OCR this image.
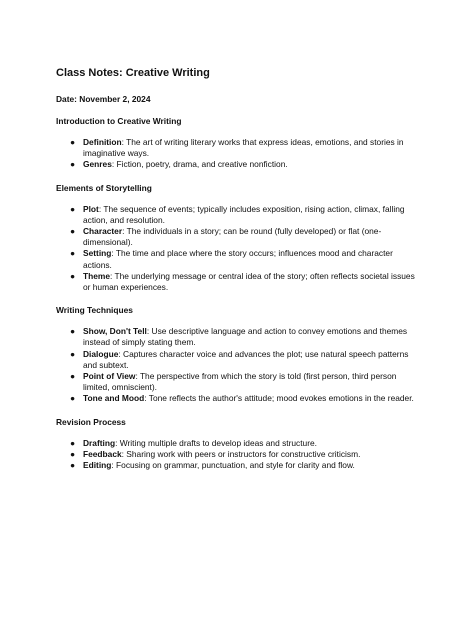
Class Notes: Creative Writing
Date: November 2, 2024
Introduction to Creative Writing
● Definition: The art of writing literary works that express ideas, emotions, and stories in imaginative ways.
● Genres: Fiction, poetry, drama, and creative nonfiction.
Elements of Storytelling
● Plot: The sequence of events; typically includes exposition, rising action, climax, falling action, and resolution.
● Character: The individuals in a story; can be round (fully developed) or flat (one-dimensional).
● Setting: The time and place where the story occurs; influences mood and character actions.
● Theme: The underlying message or central idea of the story; often reflects societal issues or human experiences.
Writing Techniques
● Show, Don't Tell: Use descriptive language and action to convey emotions and themes instead of simply stating them.
● Dialogue: Captures character voice and advances the plot; use natural speech patterns and subtext.
● Point of View: The perspective from which the story is told (first person, third person limited, omniscient).
● Tone and Mood: Tone reflects the author's attitude; mood evokes emotions in the reader.
Revision Process
● Drafting: Writing multiple drafts to develop ideas and structure.
● Feedback: Sharing work with peers or instructors for constructive criticism.
● Editing: Focusing on grammar, punctuation, and style for clarity and flow.
